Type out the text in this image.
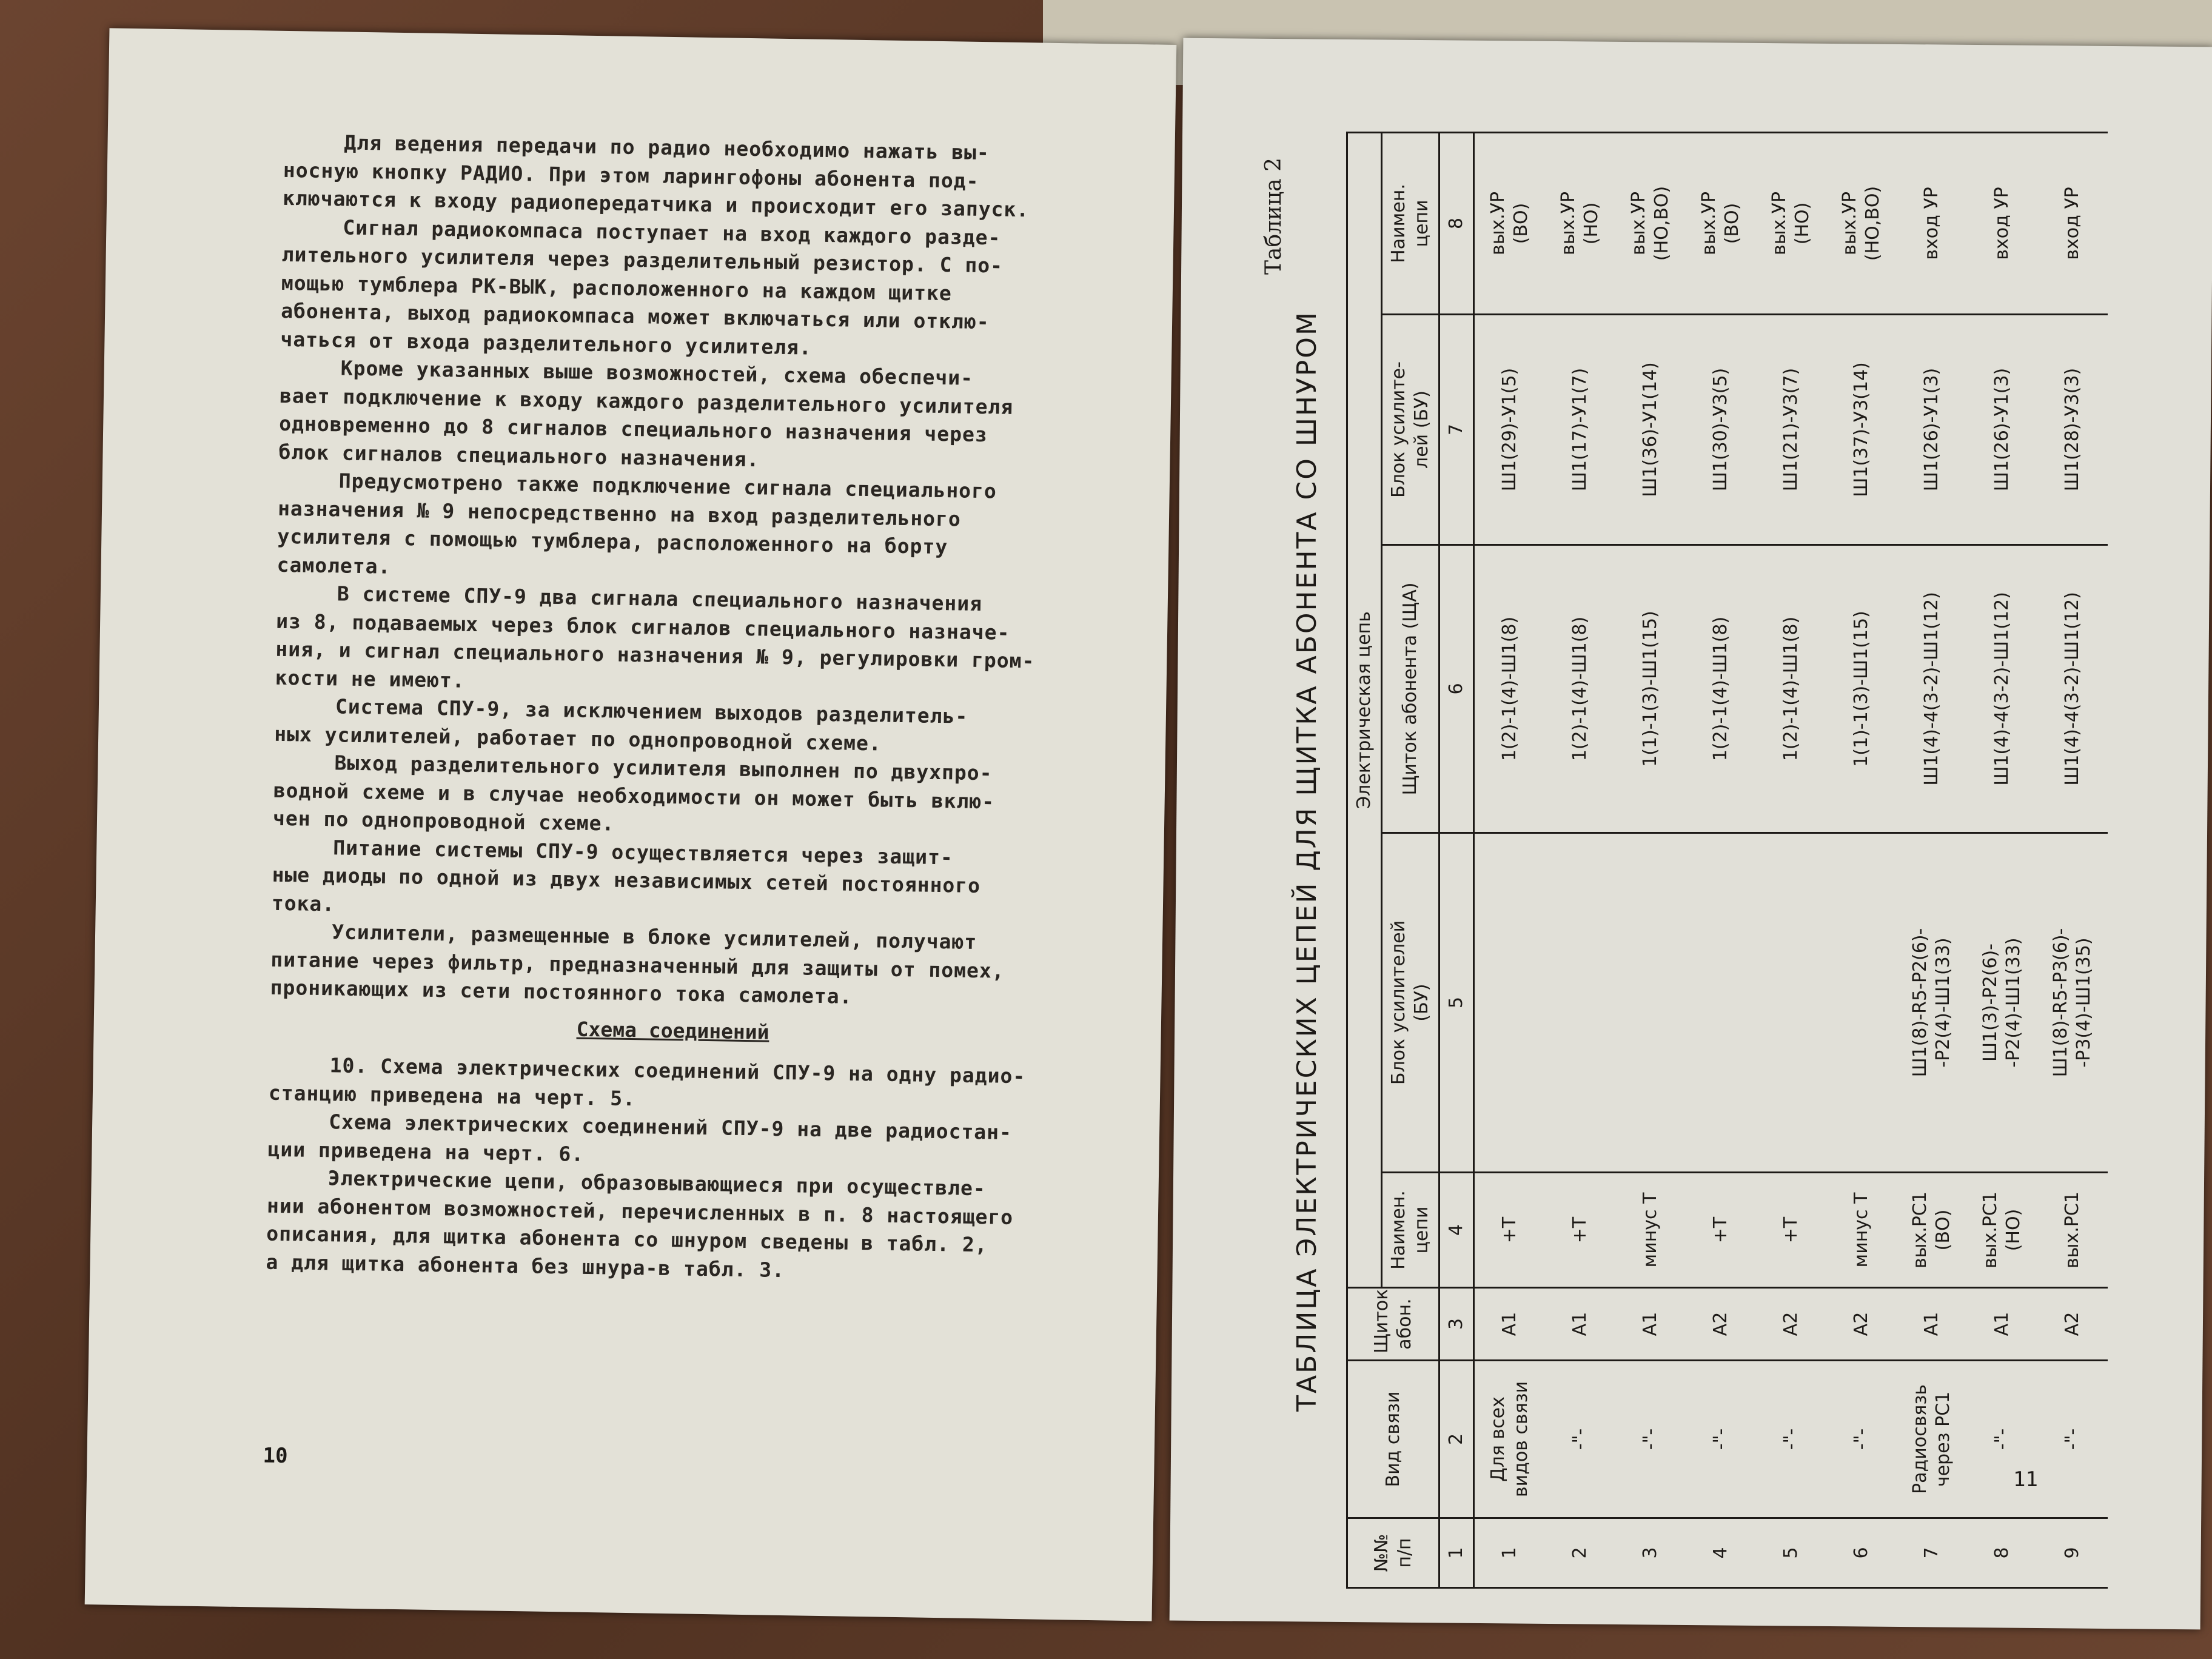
Для ведения передачи по радио необходимо нажать вы-
носную кнопку РАДИО. При этом ларингофоны абонента под-
ключаются к входу радиопередатчика и происходит его запуск.

Сигнал радиокомпаса поступает на вход каждого разде-
лительного усилителя через разделительный резистор. С по-
мощью тумблера РК-ВЫК, расположенного на каждом щитке
абонента, выход радиокомпаса может включаться или отклю-
чаться от входа разделительного усилителя.

Кроме указанных выше возможностей, схема обеспечи-
вает подключение к входу каждого разделительного усилителя
одновременно до 8 сигналов специального назначения через
блок сигналов специального назначения.

Предусмотрено также подключение сигнала специального
назначения № 9 непосредственно на вход разделительного
усилителя с помощью тумблера, расположенного на борту
самолета.

В системе СПУ-9 два сигнала специального назначения
из 8, подаваемых через блок сигналов специального назначе-
ния, и сигнал специального назначения № 9, регулировки гром-
кости не имеют.

Система СПУ-9, за исключением выходов разделитель-
ных усилителей, работает по однопроводной схеме.

Выход разделительного усилителя выполнен по двухпро-
водной схеме и в случае необходимости он может быть вклю-
чен по однопроводной схеме.

Питание системы СПУ-9 осуществляется через защит-
ные диоды по одной из двух независимых сетей постоянного
тока.

Усилители, размещенные в блоке усилителей, получают
питание через фильтр, предназначенный для защиты от помех,
проникающих из сети постоянного тока самолета.

Схема соединений

10. Схема электрических соединений СПУ-9 на одну радио-
станцию приведена на черт. 5.

Схема электрических соединений СПУ-9 на две радиостан-
ции приведена на черт. 6.

Электрические цепи, образовывающиеся при осуществле-
нии абонентом возможностей, перечисленных в п. 8 настоящего
описания, для щитка абонента со шнуром сведены в табл. 2,
а для щитка абонента без шнура-в табл. 3.

10
Таблица 2
ТАБЛИЦА ЭЛЕКТРИЧЕСКИХ ЦЕПЕЙ ДЛЯ ЩИТКА АБОНЕНТА СО ШНУРОМ
№№
п/п	Вид связи	Щиток
абон.	Электрическая цепь				
			Наимен.
цепи	Блок усилителей
(БУ)	Щиток абонента (ЩА)	Блок усилите-
лей (БУ)	Наимен.
цепи
1	2	3	4	5	6	7	8
1	Для всех
видов связи	А1	+Т		1(2)-1(4)-Ш1(8)	Ш1(29)-У1(5)	вых.УР
(ВО)
2	-"-	А1	+Т		1(2)-1(4)-Ш1(8)	Ш1(17)-У1(7)	вых.УР
(НО)
3	-"-	А1	минус Т		1(1)-1(3)-Ш1(15)	Ш1(36)-У1(14)	вых.УР
(НО,ВО)
4	-"-	А2	+Т		1(2)-1(4)-Ш1(8)	Ш1(30)-У3(5)	вых.УР
(ВО)
5	-"-	А2	+Т		1(2)-1(4)-Ш1(8)	Ш1(21)-У3(7)	вых.УР
(НО)
6	-"-	А2	минус Т		1(1)-1(3)-Ш1(15)	Ш1(37)-У3(14)	вых.УР
(НО,ВО)
7	Радиосвязь
через РС1	А1	вых.РС1
(ВО)	Ш1(8)-R5-Р2(6)-
-Р2(4)-Ш1(33)	Ш1(4)-4(3-2)-Ш1(12)	Ш1(26)-У1(3)	вход УР
8	-"-	А1	вых.РС1
(НО)	Ш1(3)-Р2(6)-
-Р2(4)-Ш1(33)	Ш1(4)-4(3-2)-Ш1(12)	Ш1(26)-У1(3)	вход УР
9	-"-	А2	вых.РС1	Ш1(8)-R5-Р3(6)-
-Р3(4)-Ш1(35)	Ш1(4)-4(3-2)-Ш1(12)	Ш1(28)-У3(3)	вход УР
11
